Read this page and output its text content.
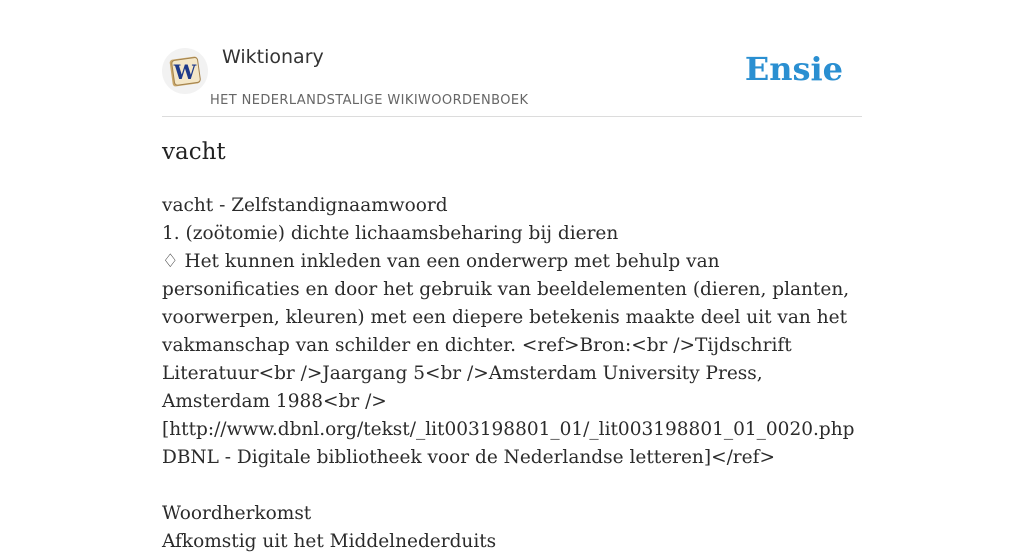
W
Wiktionary
HET NEDERLANDSTALIGE WIKIWOORDENBOEK
Ensie
vacht

vacht - Zelfstandignaamwoord

1. (zoötomie) dichte lichaamsbeharing bij dieren

♢ Het kunnen inkleden van een onderwerp met behulp van personificaties en door het gebruik van beeldelementen (dieren, planten, voorwerpen, kleuren) met een diepere betekenis maakte deel uit van het vakmanschap van schilder en dichter. <ref>Bron:<br />Tijdschrift Literatuur<br />Jaargang 5<br />Amsterdam University Press, Amsterdam 1988<br />[http://www.dbnl.org/tekst/_lit003198801_01/_lit003198801_01_0020.php DBNL - Digitale bibliotheek voor de Nederlandse letteren]</ref>

Woordherkomst

Afkomstig uit het Middelnederduits
